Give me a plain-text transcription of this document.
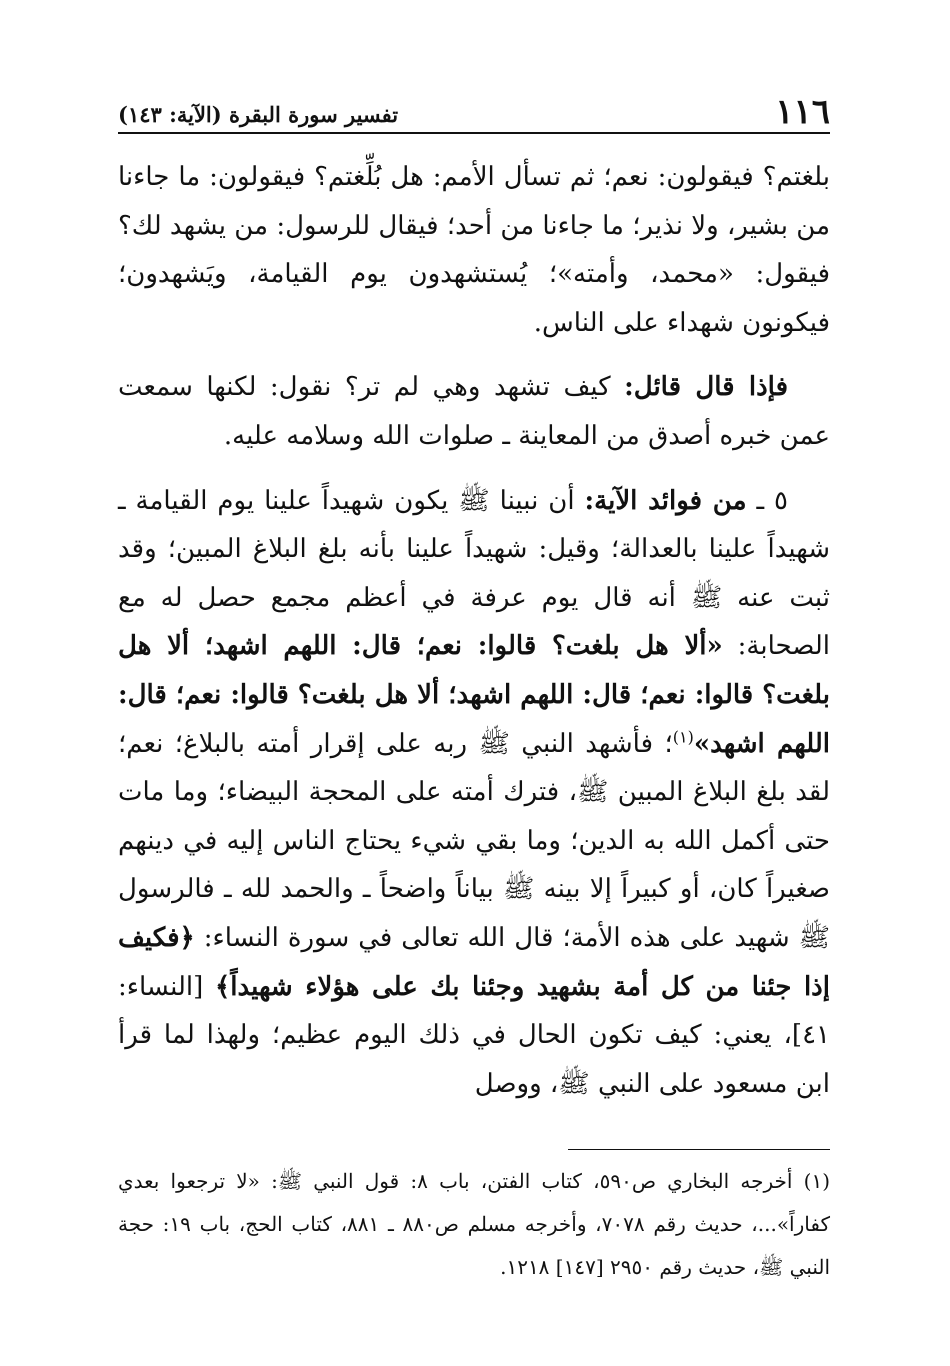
١١٦
تفسير سورة البقرة (الآية: ١٤٣)

بلغتم؟ فيقولون: نعم؛ ثم تسأل الأمم: هل بُلِّغتم؟ فيقولون: ما جاءنا من بشير، ولا نذير؛ ما جاءنا من أحد؛ فيقال للرسول: من يشهد لك؟ فيقول: «محمد، وأمته»؛ يُستشهدون يوم القيامة، ويَشهدون؛ فيكونون شهداء على الناس.

فإذا قال قائل: كيف تشهد وهي لم تر؟ نقول: لكنها سمعت عمن خبره أصدق من المعاينة ـ صلوات الله وسلامه عليه.

٥ ـ من فوائد الآية: أن نبينا ﷺ يكون شهيداً علينا يوم القيامة ـ شهيداً علينا بالعدالة؛ وقيل: شهيداً علينا بأنه بلغ البلاغ المبين؛ وقد ثبت عنه ﷺ أنه قال يوم عرفة في أعظم مجمع حصل له مع الصحابة: «ألا هل بلغت؟ قالوا: نعم؛ قال: اللهم اشهد؛ ألا هل بلغت؟ قالوا: نعم؛ قال: اللهم اشهد؛ ألا هل بلغت؟ قالوا: نعم؛ قال: اللهم اشهد»$^{(١)}$؛ فأشهد النبي ﷺ ربه على إقرار أمته بالبلاغ؛ نعم؛ لقد بلغ البلاغ المبين ﷺ، فترك أمته على المحجة البيضاء؛ وما مات حتى أكمل الله به الدين؛ وما بقي شيء يحتاج الناس إليه في دينهم صغيراً كان، أو كبيراً إلا بينه ﷺ بياناً واضحاً ـ والحمد لله ـ فالرسول ﷺ شهيد على هذه الأمة؛ قال الله تعالى في سورة النساء: ﴿فكيف إذا جئنا من كل أمة بشهيد وجئنا بك على هؤلاء شهيداً﴾ [النساء: ٤١]، يعني: كيف تكون الحال في ذلك اليوم عظيم؛ ولهذا لما قرأ ابن مسعود على النبي ﷺ، ووصل

(١) أخرجه البخاري ص٥٩٠، كتاب الفتن، باب ٨: قول النبي ﷺ: «لا ترجعوا بعدي كفاراً»...، حديث رقم ٧٠٧٨، وأخرجه مسلم ص٨٨٠ ـ ٨٨١، كتاب الحج، باب ١٩: حجة النبي ﷺ، حديث رقم ٢٩٥٠ [١٤٧] ١٢١٨.
